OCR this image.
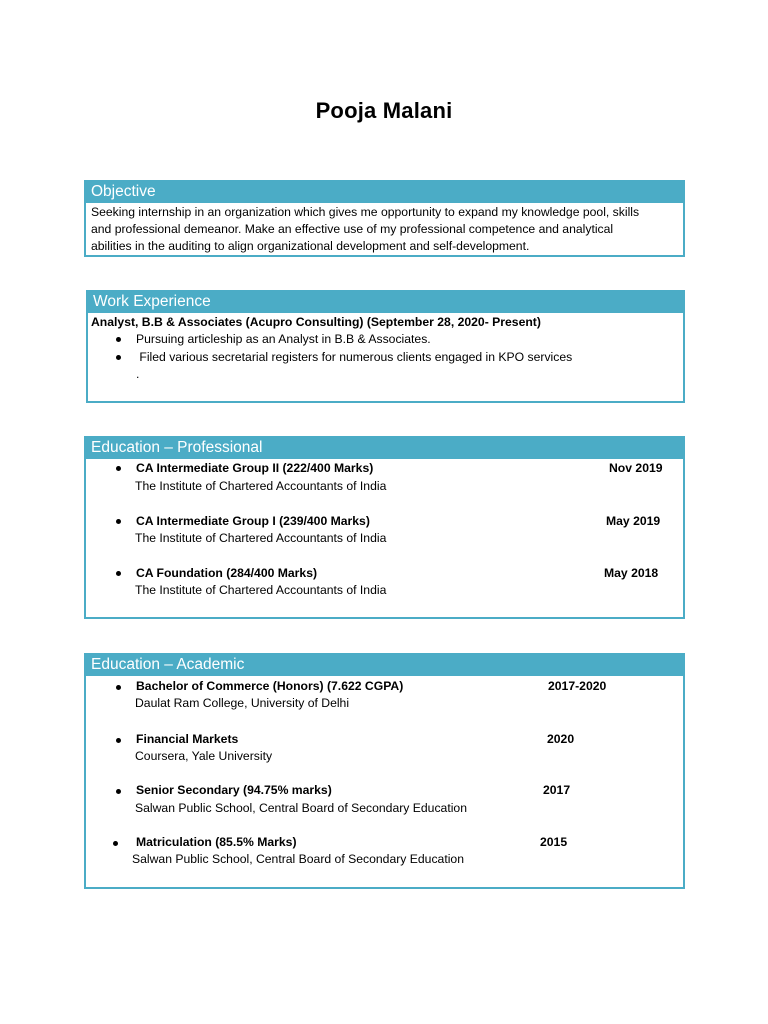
Pooja Malani
Objective
Seeking internship in an organization which gives me opportunity to expand my knowledge pool, skills
and professional demeanor. Make an effective use of my professional competence and analytical
abilities in the auditing to align organizational development and self-development.
Work Experience
Analyst, B.B & Associates (Acupro Consulting) (September 28, 2020- Present)
Pursuing articleship as an Analyst in B.B & Associates.
Filed various secretarial registers for numerous clients engaged in KPO services
.
Education – Professional
CA Intermediate Group II (222/400 Marks)	Nov 2019
The Institute of Chartered Accountants of India
CA Intermediate Group I (239/400 Marks)	May 2019
The Institute of Chartered Accountants of India
CA Foundation (284/400 Marks)	May 2018
The Institute of Chartered Accountants of India
Education – Academic
Bachelor of Commerce (Honors) (7.622 CGPA)	2017-2020
Daulat Ram College, University of Delhi
Financial Markets	2020
Coursera, Yale University
Senior Secondary (94.75% marks)	2017
Salwan Public School, Central Board of Secondary Education
Matriculation (85.5% Marks)	2015
Salwan Public School, Central Board of Secondary Education
